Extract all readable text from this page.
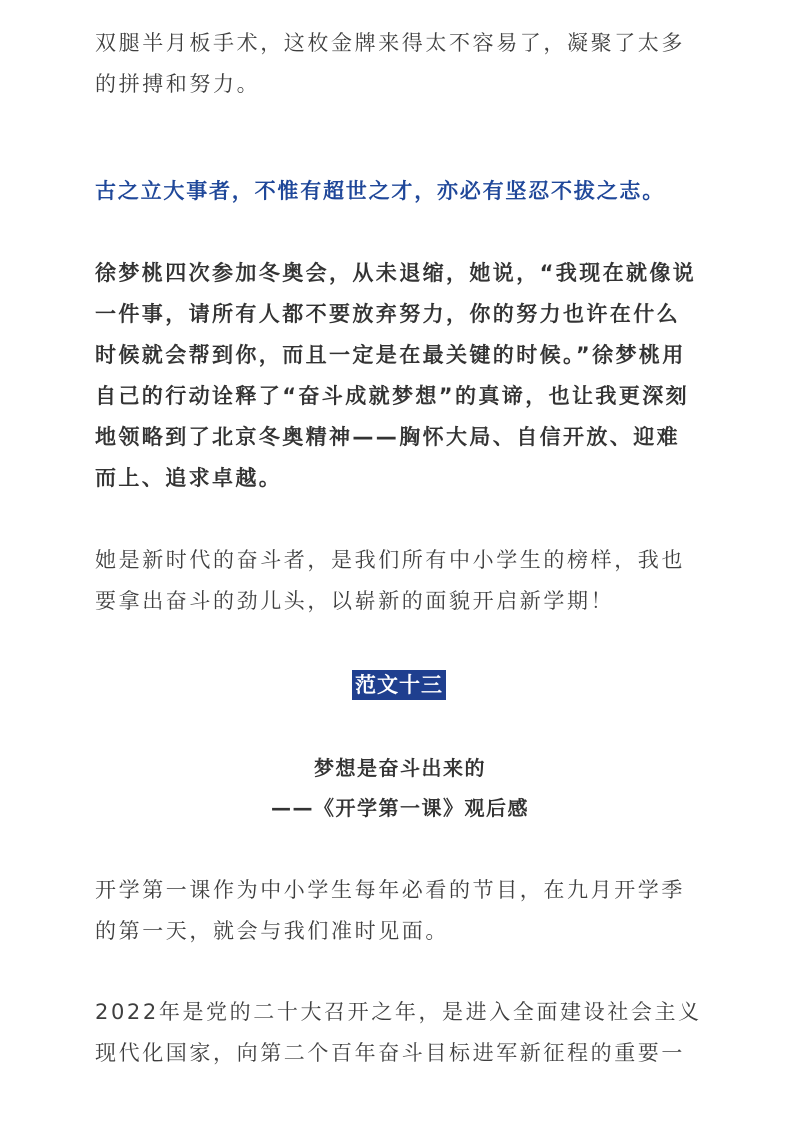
双腿半月板手术，这枚金牌来得太不容易了，凝聚了太多
的拼搏和努力。

古之立大事者，不惟有超世之才，亦必有坚忍不拔之志。

徐梦桃四次参加冬奥会，从未退缩，她说，“我现在就像说
一件事，请所有人都不要放弃努力，你的努力也许在什么
时候就会帮到你，而且一定是在最关键的时候。”徐梦桃用
自己的行动诠释了“奋斗成就梦想”的真谛，也让我更深刻
地领略到了北京冬奥精神——胸怀大局、自信开放、迎难
而上、追求卓越。

她是新时代的奋斗者，是我们所有中小学生的榜样，我也
要拿出奋斗的劲儿头，以崭新的面貌开启新学期！

范文十三
梦想是奋斗出来的
——《开学第一课》观后感

开学第一课作为中小学生每年必看的节目，在九月开学季
的第一天，就会与我们准时见面。

2022年是党的二十大召开之年，是进入全面建设社会主义
现代化国家，向第二个百年奋斗目标进军新征程的重要一
